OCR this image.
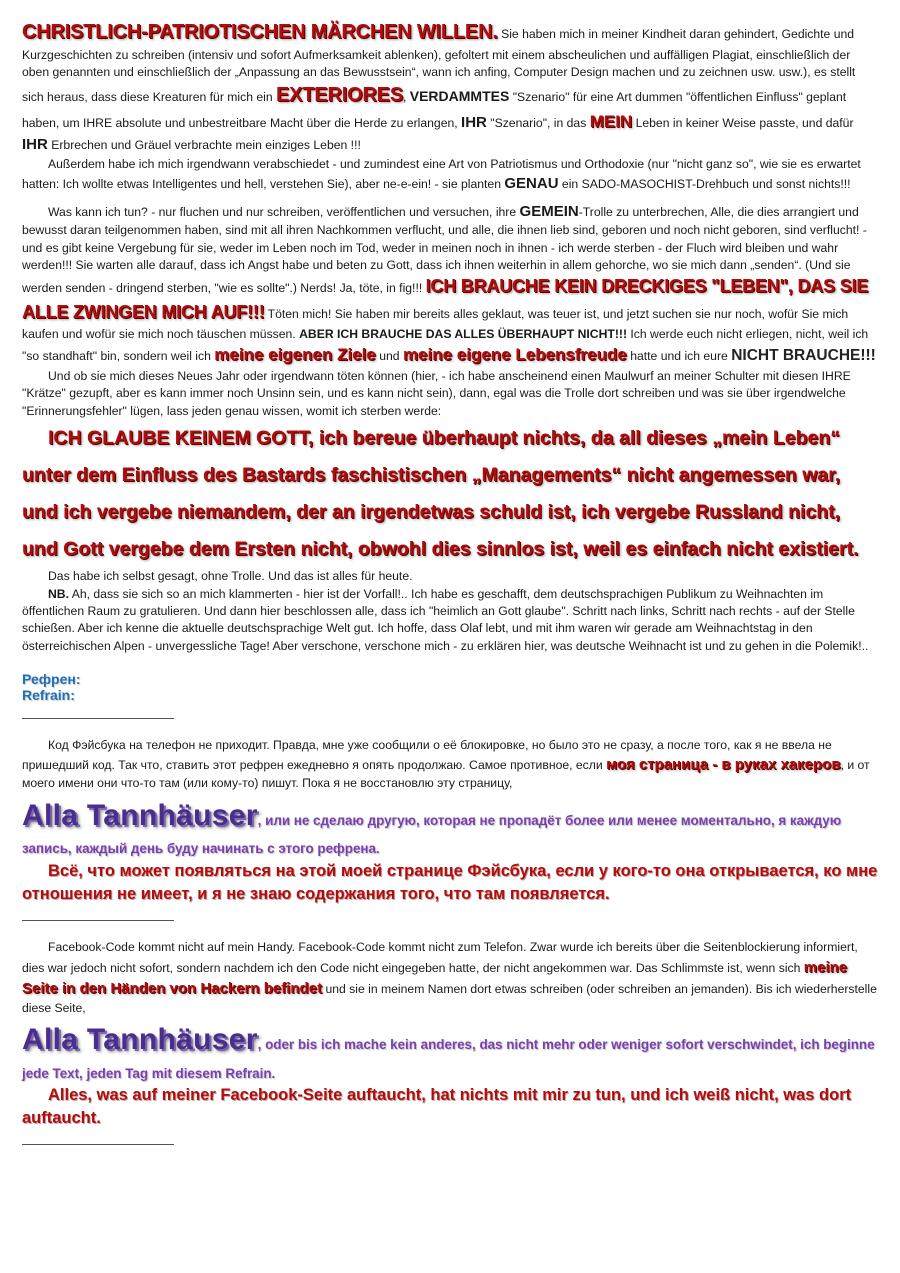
CHRISTLICH-PATRIOTISCHEN MÄRCHEN WILLEN. Sie haben mich in meiner Kindheit daran gehindert, Gedichte und Kurzgeschichten zu schreiben (intensiv und sofort Aufmerksamkeit ablenken), gefoltert mit einem abscheulichen und auffälligen Plagiat, einschließlich der oben genannten und einschließlich der „Anpassung an das Bewusstsein“, wann ich anfing, Computer Design machen und zu zeichnen usw. usw.), es stellt sich heraus, dass diese Kreaturen für mich ein EXTERIORES, VERDAMMTES "Szenario" für eine Art dummen "öffentlichen Einfluss" geplant haben, um IHRE absolute und unbestreitbare Macht über die Herde zu erlangen, IHR "Szenario", in das MEIN Leben in keiner Weise passte, und dafür IHR Erbrechen und Gräuel verbrachte mein einziges Leben !!!

Außerdem habe ich mich irgendwann verabschiedet - und zumindest eine Art von Patriotismus und Orthodoxie (nur "nicht ganz so", wie sie es erwartet hatten: Ich wollte etwas Intelligentes und hell, verstehen Sie), aber ne-e-ein! - sie planten GENAU ein SADO-MASOCHIST-Drehbuch und sonst nichts!!!

Was kann ich tun? - nur fluchen und nur schreiben, veröffentlichen und versuchen, ihre GEMEIN-Trolle zu unterbrechen, Alle, die dies arrangiert und bewusst daran teilgenommen haben, sind mit all ihren Nachkommen verflucht, und alle, die ihnen lieb sind, geboren und noch nicht geboren, sind verflucht! - und es gibt keine Vergebung für sie, weder im Leben noch im Tod, weder in meinen noch in ihnen - ich werde sterben - der Fluch wird bleiben und wahr werden!!! Sie warten alle darauf, dass ich Angst habe und beten zu Gott, dass ich ihnen weiterhin in allem gehorche, wo sie mich dann „senden“. (Und sie werden senden - dringend sterben, "wie es sollte".) Nerds! Ja, töte, in fig!!! ICH BRAUCHE KEIN DRECKIGES "LEBEN", DAS SIE ALLE ZWINGEN MICH AUF!!! Töten mich! Sie haben mir bereits alles geklaut, was teuer ist, und jetzt suchen sie nur noch, wofür Sie mich kaufen und wofür sie mich noch täuschen müssen. ABER ICH BRAUCHE DAS ALLES ÜBERHAUPT NICHT!!! Ich werde euch nicht erliegen, nicht, weil ich "so standhaft" bin, sondern weil ich meine eigenen Ziele und meine eigene Lebensfreude hatte und ich eure NICHT BRAUCHE!!!

Und ob sie mich dieses Neues Jahr oder irgendwann töten können (hier, - ich habe anscheinend einen Maulwurf an meiner Schulter mit diesen IHRE "Krätze" gezupft, aber es kann immer noch Unsinn sein, und es kann nicht sein), dann, egal was die Trolle dort schreiben und was sie über irgendwelche "Erinnerungsfehler" lügen, lass jeden genau wissen, womit ich sterben werde:

ICH GLAUBE KEINEM GOTT, ich bereue überhaupt nichts, da all dieses „mein Leben“ unter dem Einfluss des Bastards faschistischen „Managements“ nicht angemessen war, und ich vergebe niemandem, der an irgendetwas schuld ist, ich vergebe Russland nicht, und Gott vergebe dem Ersten nicht, obwohl dies sinnlos ist, weil es einfach nicht existiert.

Das habe ich selbst gesagt, ohne Trolle. Und das ist alles für heute.

NB. Ah, dass sie sich so an mich klammerten - hier ist der Vorfall!.. Ich habe es geschafft, dem deutschsprachigen Publikum zu Weihnachten im öffentlichen Raum zu gratulieren. Und dann hier beschlossen alle, dass ich "heimlich an Gott glaube". Schritt nach links, Schritt nach rechts - auf der Stelle schießen. Aber ich kenne die aktuelle deutschsprachige Welt gut. Ich hoffe, dass Olaf lebt, und mit ihm waren wir gerade am Weihnachtstag in den österreichischen Alpen - unvergessliche Tage! Aber verschone, verschone mich - zu erklären hier, was deutsche Weihnacht ist und zu gehen in die Polemik!..

Рефрен:
Refrain:

Код Фэйсбука на телефон не приходит. Правда, мне уже сообщили о её блокировке, но было это не сразу, а после того, как я не ввела не пришедший код. Так что, ставить этот рефрен ежедневно я опять продолжаю. Самое противное, если моя страница - в руках хакеров, и от моего имени они что-то там (или кому-то) пишут. Пока я не восстановлю эту страницу,

Alla Tannhäuser, или не сделаю другую, которая не пропадёт более или менее моментально, я каждую запись, каждый день буду начинать с этого рефрена.

Всё, что может появляться на этой моей странице Фэйсбука, если у кого-то она открывается, ко мне отношения не имеет, и я не знаю содержания того, что там появляется.

Facebook-Code kommt nicht auf mein Handy. Facebook-Code kommt nicht zum Telefon. Zwar wurde ich bereits über die Seitenblockierung informiert, dies war jedoch nicht sofort, sondern nachdem ich den Code nicht eingegeben hatte, der nicht angekommen war. Das Schlimmste ist, wenn sich meine Seite in den Händen von Hackern befindet und sie in meinem Namen dort etwas schreiben (oder schreiben an jemanden). Bis ich wiederherstelle diese Seite,

Alla Tannhäuser, oder bis ich mache kein anderes, das nicht mehr oder weniger sofort verschwindet, ich beginne jede Text, jeden Tag mit diesem Refrain.

Alles, was auf meiner Facebook-Seite auftaucht, hat nichts mit mir zu tun, und ich weiß nicht, was dort auftaucht.
